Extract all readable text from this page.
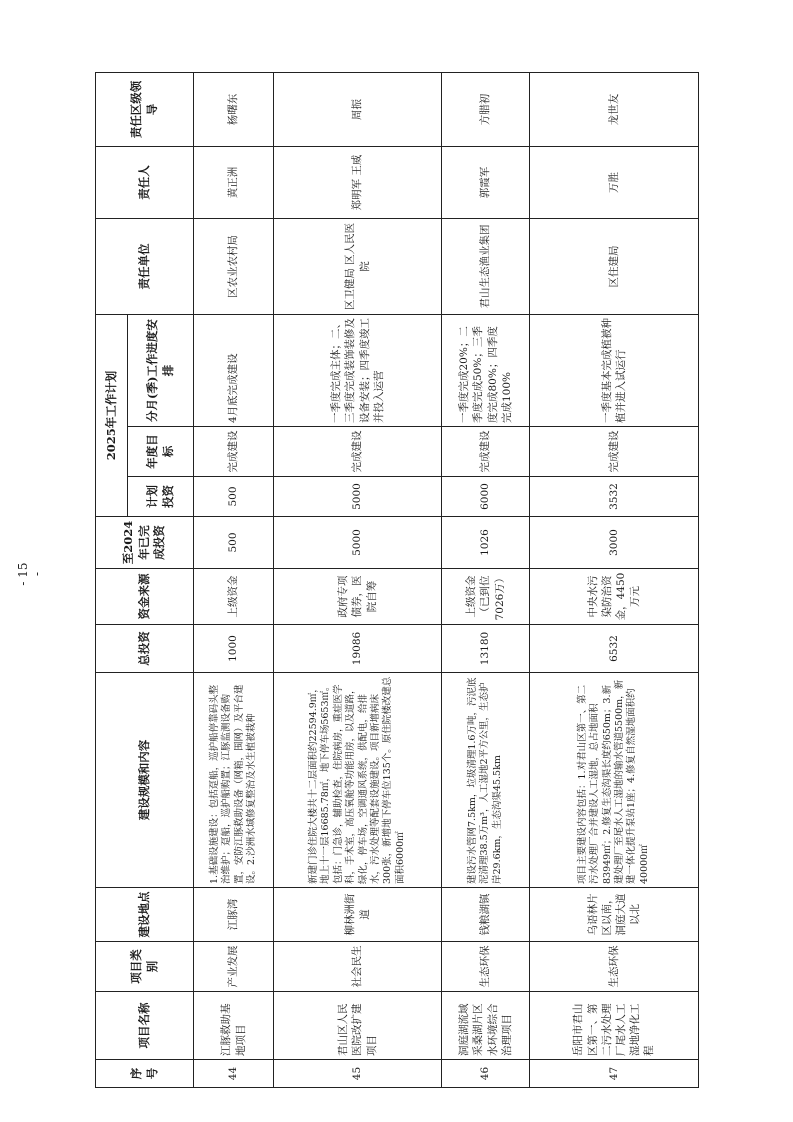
序号	项目名称	项目类别	建设地点	建设规模和内容	总投资	资金来源	至2024年已完成投资	2025年工作计划			责任单位	责任人	责任区级领导
								计划投资	年度目标	分月(季)工作进度安排			
44	江豚救助基地项目	产业发展	江豚湾	1.基础设施建设：包括趸船，巡护船停靠码头整治维护；趸船，巡护船购置；江豚监测设备购置，安防江豚救助设备（网箱，围网）及平台建设。2.沙洲水域修复整治及水生植被栽种	1000	上级资金	500	500	完成建设	4月底完成建设	区农业农村局	黄正洲	杨曙东
45	君山区人民医院改扩建项目	社会民生	柳林洲街道	新建门诊住院大楼共十二层面积约22594.9㎡，地上十一层16685.78㎡，地下停车场5653㎡。包括：门急诊，辅助检查，住院病房，重症医学科，手术室，高压氧舱等功能用房，以及道路，绿化，停车场，空调通风系统，供配电，给排水，污水处理等配套设施建设。项目新增病床300张，新增地下停车位135个。原住院楼改建总面积6000㎡	19086	政府专项债券，医院自筹	5000	5000	完成建设	一季度完成主体；二、三季度完成装饰装修及设备安装；四季度竣工并投入运营	区卫健局 区人民医院	郑明军 王威	周振
46	洞庭湖流域采桑湖片区水环境综合治理项目	生态环保	钱粮湖镇	建设污水管网7.5km，垃圾清理1.6万吨，污泥底泥清理38.5万m³，人工湿地2平方公里，生态护岸29.6km，生态沟渠45.5km	13180	上级资金（已到位7026万）	1026	6000	完成建设	一季度完成20%；二季度完成50%；三季度完成80%；四季度完成100%	君山生态渔业集团	郭霞军	方腊初
47	岳阳市君山区第一、第二污水处理厂尾水人工湿地净化工程	生态环保	乌语林片区以南，洞庭大道以北	项目主要建设内容包括：1.对君山区第一、第二污水处理厂合并建设人工湿地，总占地面积83949㎡；2.修复生态沟渠长度约650m；3.新建处理厂至尾水人工湿地的输水管道5500m，新建一体化提升泵站1座；4.修复自然湿地面积约40000㎡	6532	中央水污染防治资金，4450万元	3000	3532	完成建设	一季度基本完成植被种植并进入试运行	区住建局	万胜	龙世友
- 15 -
